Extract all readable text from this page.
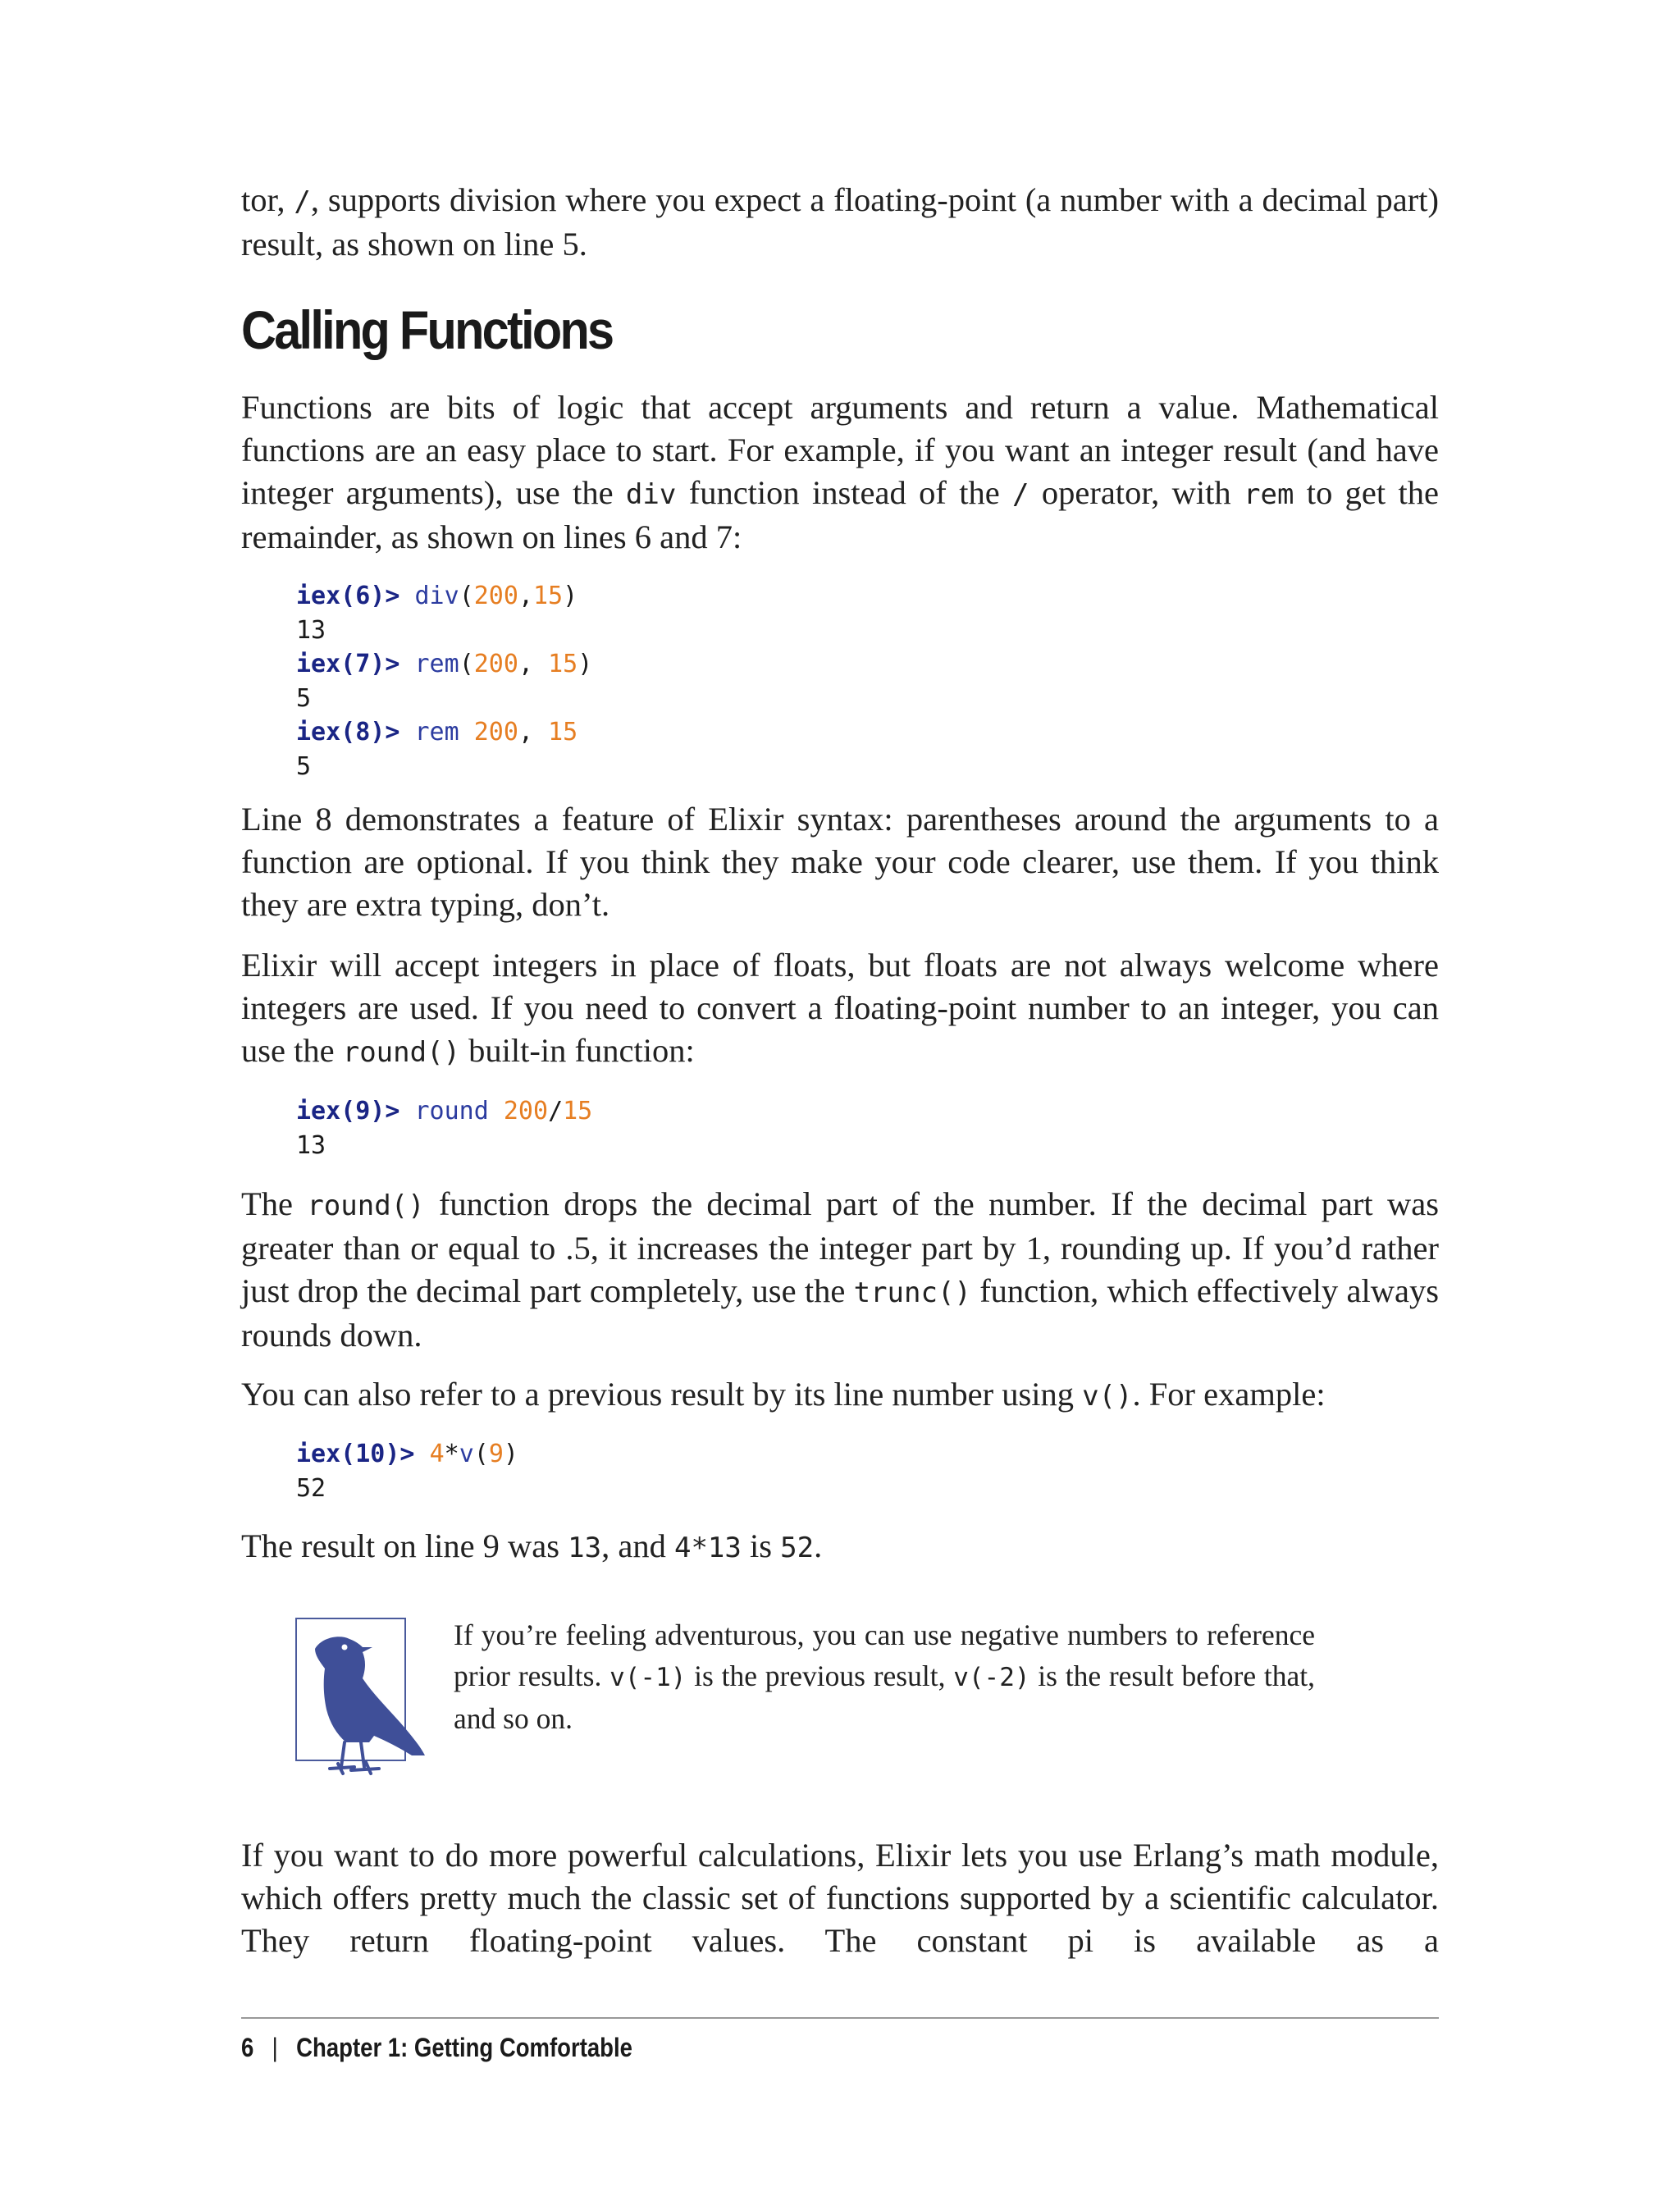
tor, /, supports division where you expect a floating-point (a number with a decimal part) result, as shown on line 5.

Calling Functions

Functions are bits of logic that accept arguments and return a value. Mathematical functions are an easy place to start. For example, if you want an integer result (and have integer arguments), use the div function instead of the / operator, with rem to get the remainder, as shown on lines 6 and 7:

iex(6)> div(200,15)
13
iex(7)> rem(200, 15)
5
iex(8)> rem 200, 15
5

Line 8 demonstrates a feature of Elixir syntax: parentheses around the arguments to a function are optional. If you think they make your code clearer, use them. If you think they are extra typing, don’t.

Elixir will accept integers in place of floats, but floats are not always welcome where integers are used. If you need to convert a floating-point number to an integer, you can use the round() built-in function:

iex(9)> round 200/15
13

The round() function drops the decimal part of the number. If the decimal part was greater than or equal to .5, it increases the integer part by 1, rounding up. If you’d rather just drop the decimal part completely, use the trunc() function, which effectively always rounds down.

You can also refer to a previous result by its line number using v(). For example:

iex(10)> 4*v(9)
52

The result on line 9 was 13, and 4*13 is 52.

If you’re feeling adventurous, you can use negative numbers to reference prior results. v(-1) is the previous result, v(-2) is the result before that, and so on.

If you want to do more powerful calculations, Elixir lets you use Erlang’s math module, which offers pretty much the classic set of functions supported by a scientific calculator. They return floating-point values. The constant pi is available as a

6 | Chapter 1: Getting Comfortable
